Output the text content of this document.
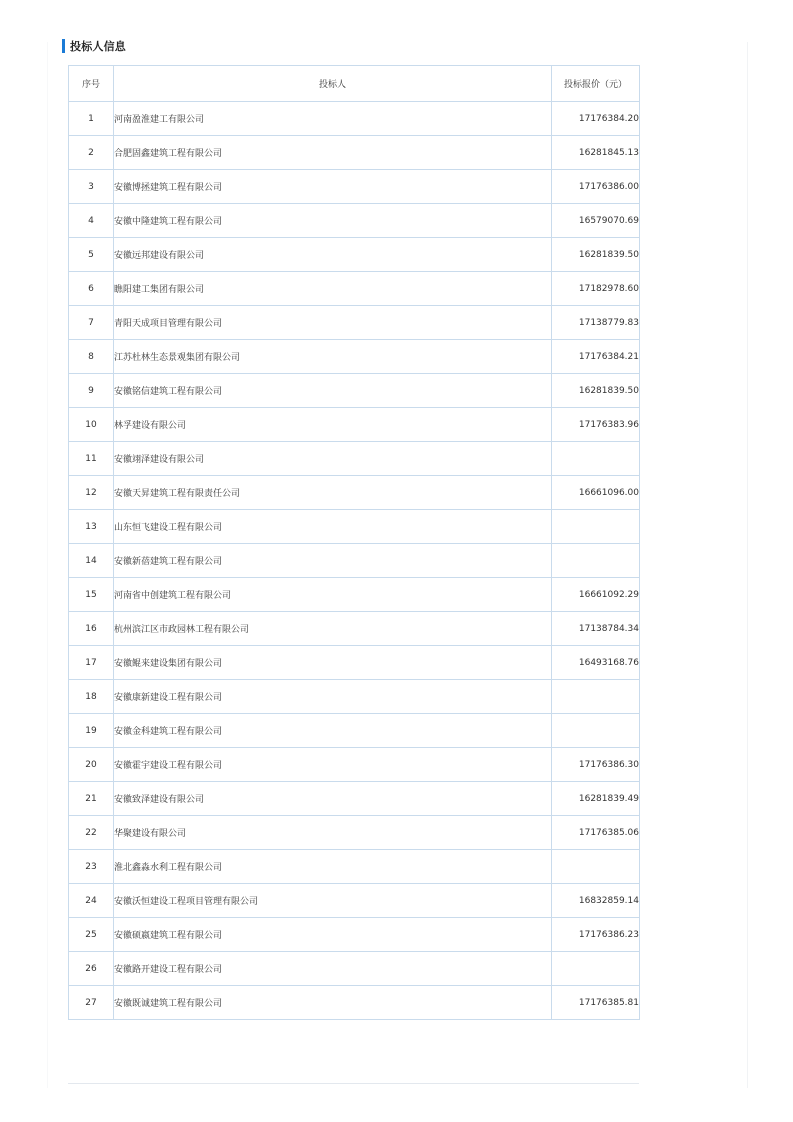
投标人信息
序号	投标人	投标报价（元）
1	河南盈淮建工有限公司	17176384.20
2	合肥固鑫建筑工程有限公司	16281845.13
3	安徽博拯建筑工程有限公司	17176386.00
4	安徽中隆建筑工程有限公司	16579070.69
5	安徽远邦建设有限公司	16281839.50
6	瞧阳建工集团有限公司	17182978.60
7	青阳天成项目管理有限公司	17138779.83
8	江苏杜林生态景观集团有限公司	17176384.21
9	安徽铭信建筑工程有限公司	16281839.50
10	林孚建设有限公司	17176383.96
11	安徽翊泽建设有限公司	
12	安徽天昇建筑工程有限责任公司	16661096.00
13	山东恒飞建设工程有限公司	
14	安徽新蓓建筑工程有限公司	
15	河南省中创建筑工程有限公司	16661092.29
16	杭州滨江区市政园林工程有限公司	17138784.34
17	安徽鲲来建设集团有限公司	16493168.76
18	安徽康新建设工程有限公司	
19	安徽金科建筑工程有限公司	
20	安徽霍宇建设工程有限公司	17176386.30
21	安徽致泽建设有限公司	16281839.49
22	华聚建设有限公司	17176385.06
23	淮北鑫淼水利工程有限公司	
24	安徽沃恒建设工程项目管理有限公司	16832859.14
25	安徽硕嬴建筑工程有限公司	17176386.23
26	安徽路开建设工程有限公司	
27	安徽既诚建筑工程有限公司	17176385.81
